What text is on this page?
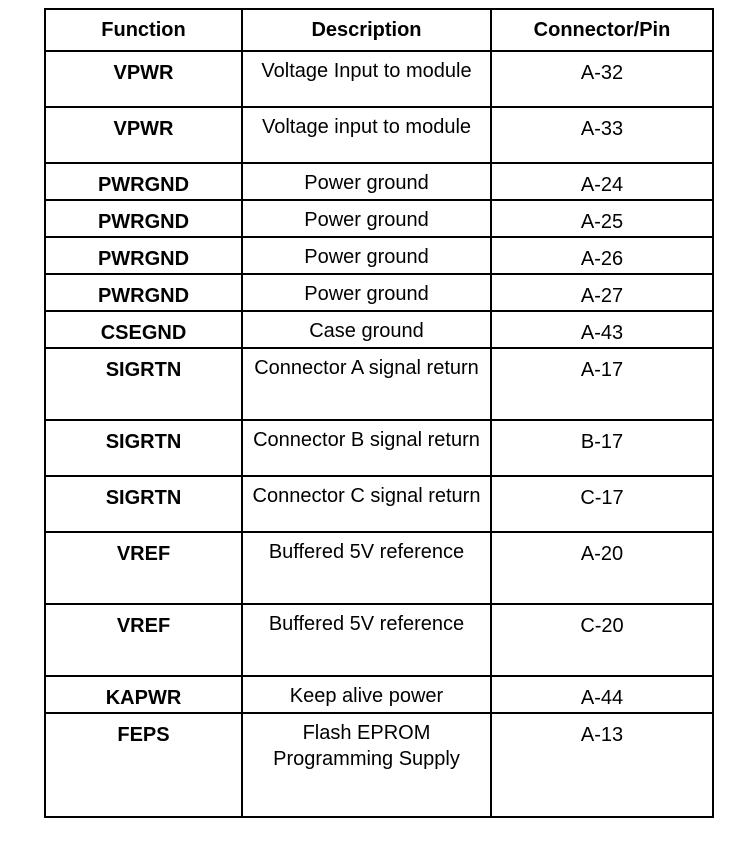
Function	Description	Connector/Pin
VPWR	Voltage Input to module	A-32
VPWR	Voltage input to module	A-33
PWRGND	Power ground	A-24
PWRGND	Power ground	A-25
PWRGND	Power ground	A-26
PWRGND	Power ground	A-27
CSEGND	Case ground	A-43
SIGRTN	Connector A signal return	A-17
SIGRTN	Connector B signal return	B-17
SIGRTN	Connector C signal return	C-17
VREF	Buffered 5V reference	A-20
VREF	Buffered 5V reference	C-20
KAPWR	Keep alive power	A-44
FEPS	Flash EPROM Programming Supply	A-13
